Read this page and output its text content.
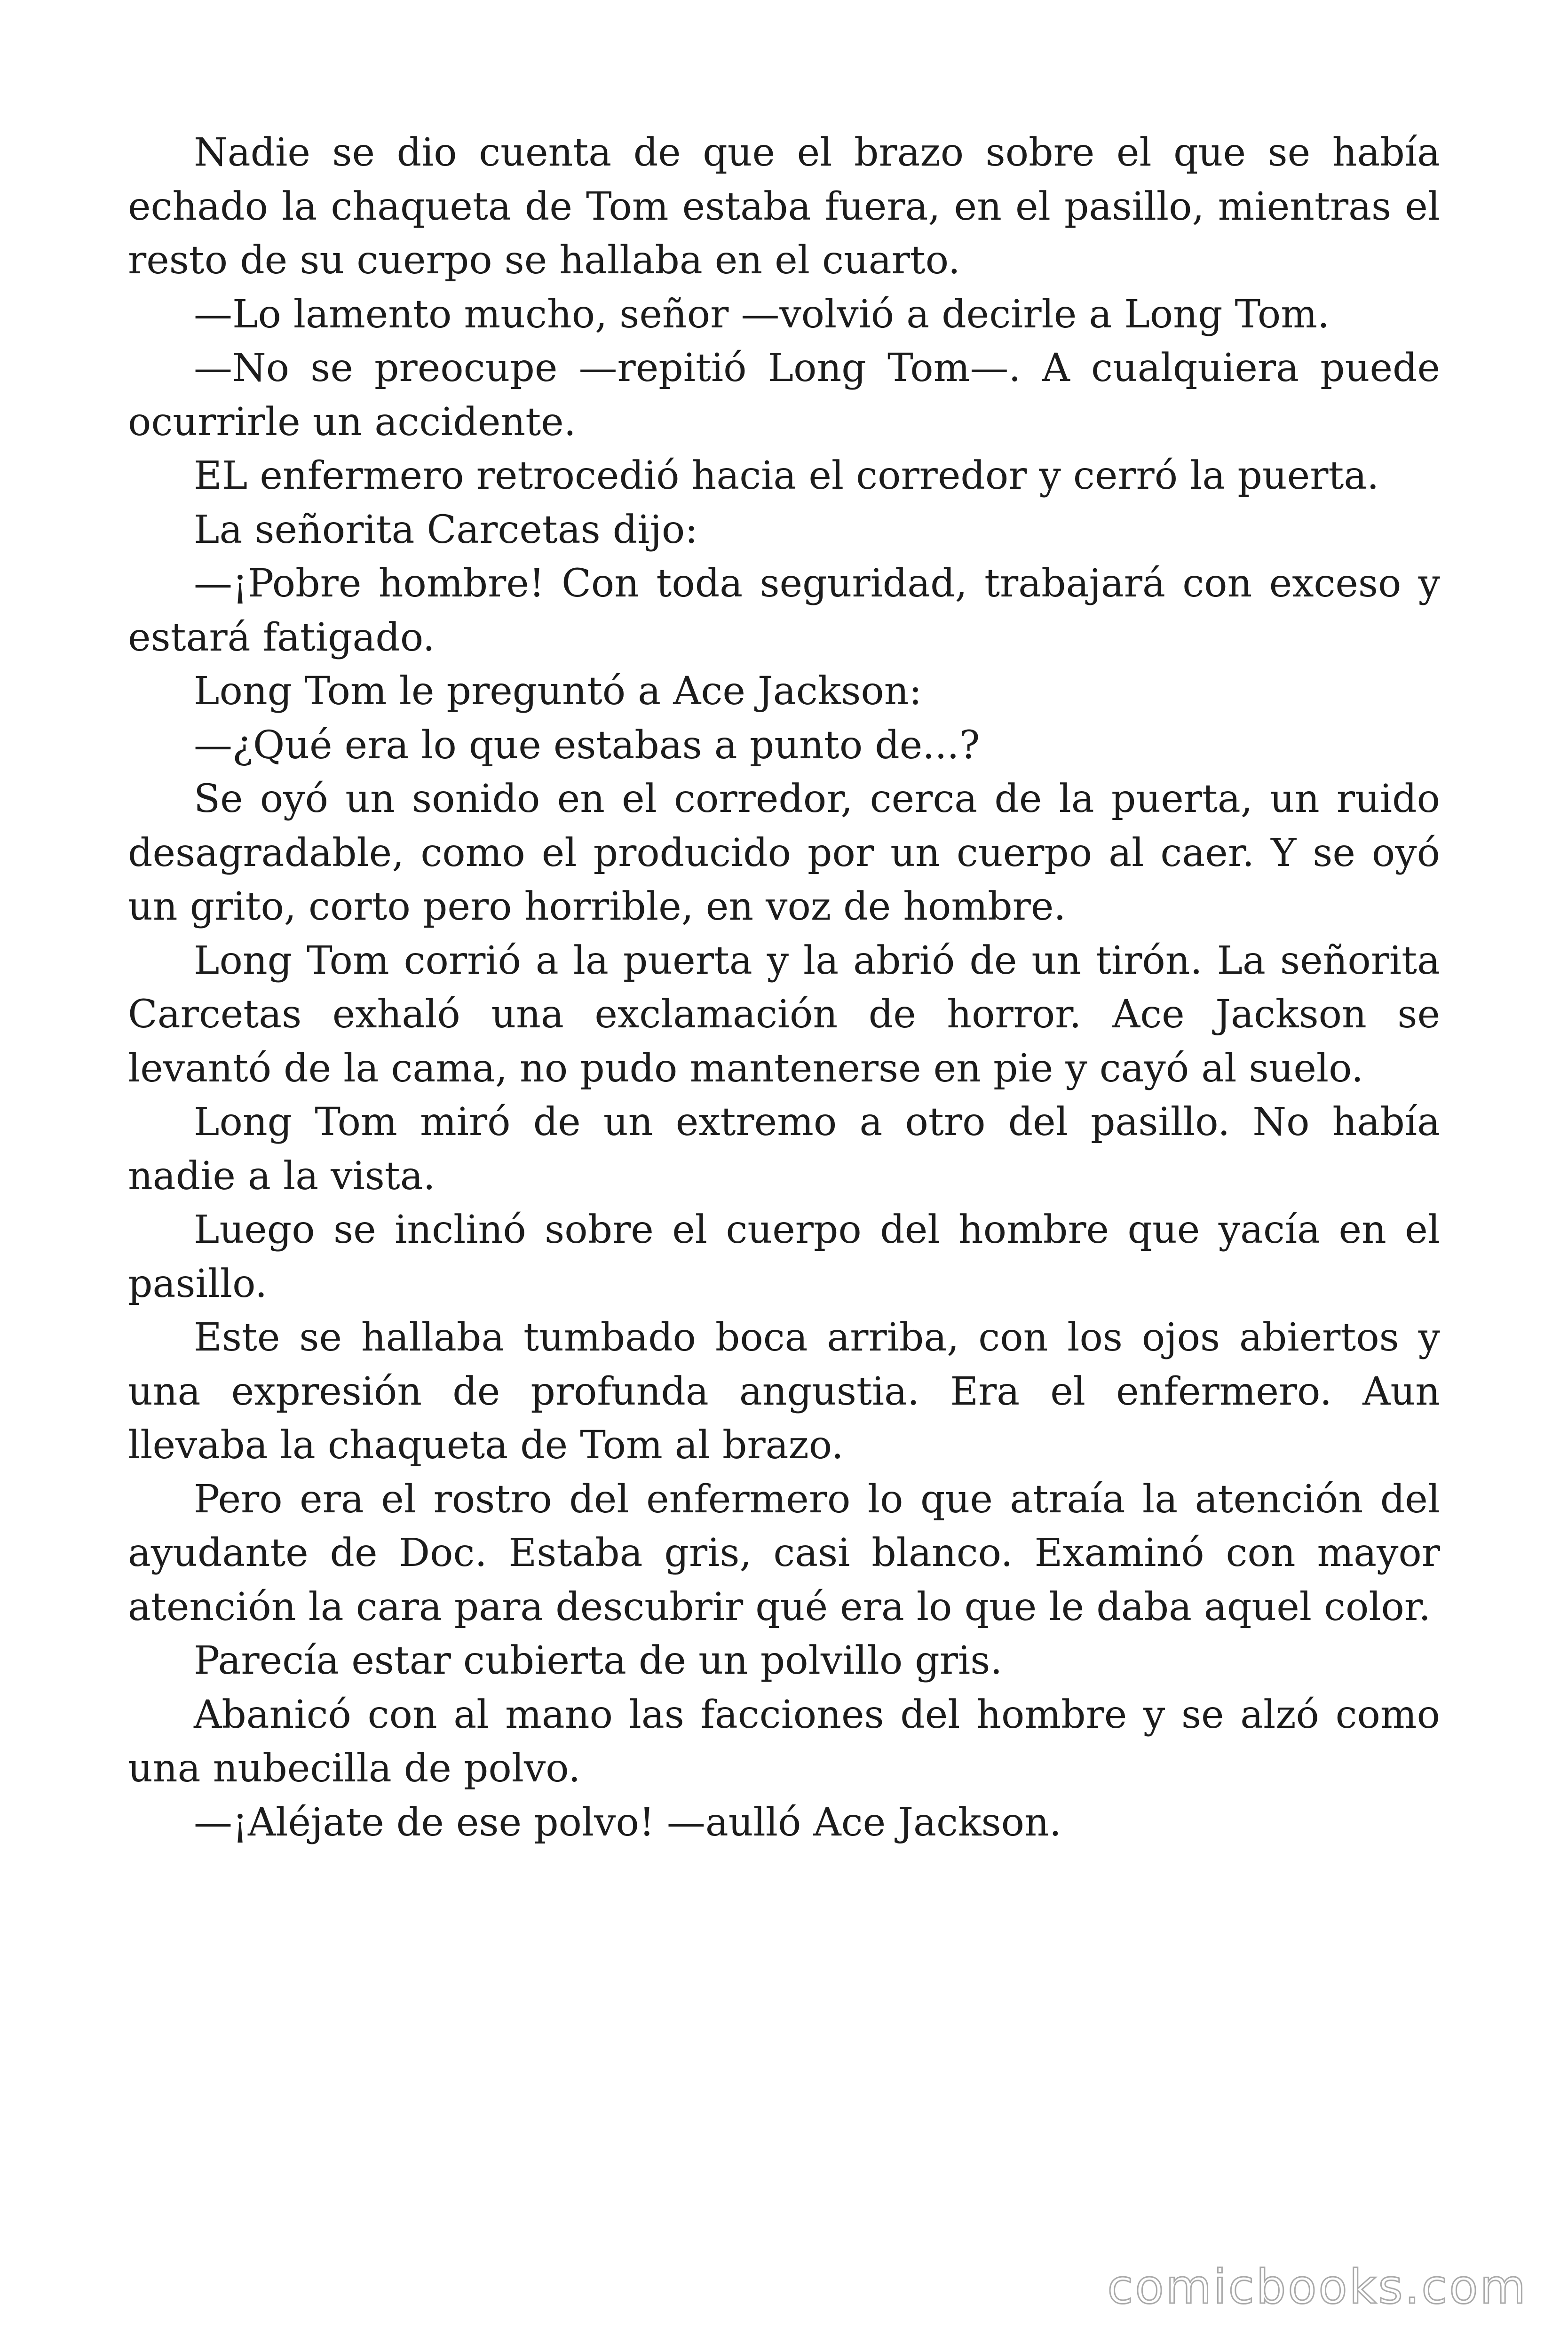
Nadie se dio cuenta de que el brazo sobre el que se había echado la chaqueta de Tom estaba fuera, en el pasillo, mientras el resto de su cuerpo se hallaba en el cuarto.

—Lo lamento mucho, señor —volvió a decirle a Long Tom.

—No se preocupe —repitió Long Tom—. A cualquiera puede ocurrirle un accidente.

EL enfermero retrocedió hacia el corredor y cerró la puerta.

La señorita Carcetas dijo:

—¡Pobre hombre! Con toda seguridad, trabajará con exceso y estará fatigado.

Long Tom le preguntó a Ace Jackson:

—¿Qué era lo que estabas a punto de...?

Se oyó un sonido en el corredor, cerca de la puerta, un ruido desagradable, como el producido por un cuerpo al caer. Y se oyó un grito, corto pero horrible, en voz de hombre.

Long Tom corrió a la puerta y la abrió de un tirón. La señorita Carcetas exhaló una exclamación de horror. Ace Jackson se levantó de la cama, no pudo mantenerse en pie y cayó al suelo.

Long Tom miró de un extremo a otro del pasillo. No había nadie a la vista.

Luego se inclinó sobre el cuerpo del hombre que yacía en el pasillo.

Este se hallaba tumbado boca arriba, con los ojos abiertos y una expresión de profunda angustia. Era el enfermero. Aun llevaba la chaqueta de Tom al brazo.

Pero era el rostro del enfermero lo que atraía la atención del ayudante de Doc. Estaba gris, casi blanco. Examinó con mayor atención la cara para descubrir qué era lo que le daba aquel color.

Parecía estar cubierta de un polvillo gris.

Abanicó con al mano las facciones del hombre y se alzó como una nubecilla de polvo.

—¡Aléjate de ese polvo! —aulló Ace Jackson.

comicbooks.com
